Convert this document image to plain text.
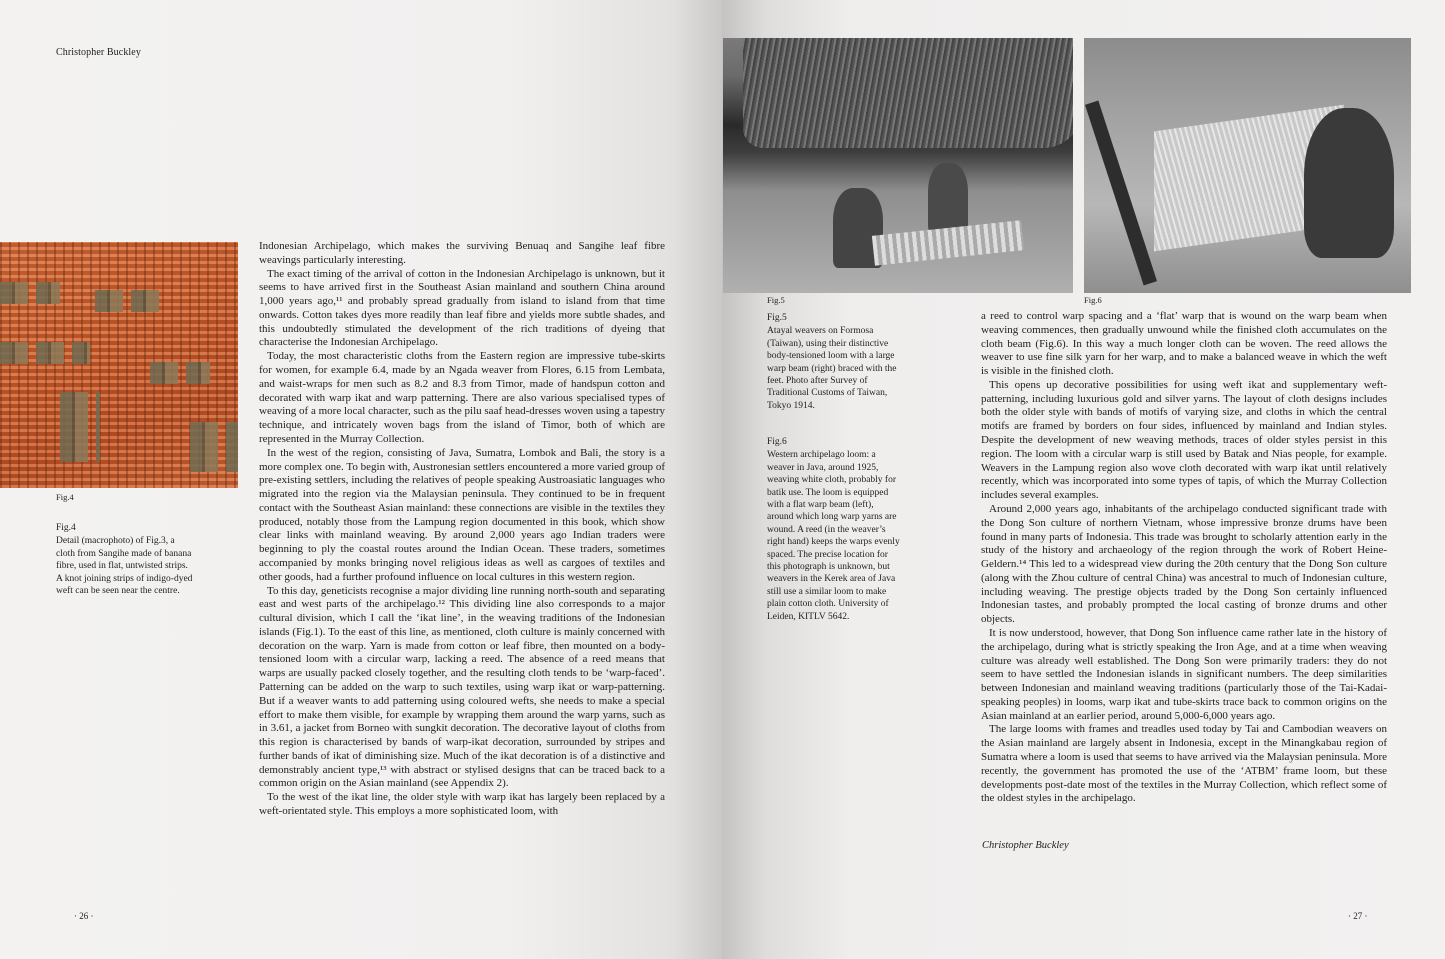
Christopher Buckley
Fig.4
Fig.4
Detail (macrophoto) of Fig.3, a cloth from Sangihe made of banana fibre, used in flat, untwisted strips. A knot joining strips of indigo-dyed weft can be seen near the centre.

Indonesian Archipelago, which makes the surviving Benuaq and Sangihe leaf fibre weavings particularly interesting.

The exact timing of the arrival of cotton in the Indonesian Archipelago is unknown, but it seems to have arrived first in the Southeast Asian mainland and southern China around 1,000 years ago,¹¹ and probably spread gradually from island to island from that time onwards. Cotton takes dyes more readily than leaf fibre and yields more subtle shades, and this undoubtedly stimulated the development of the rich traditions of dyeing that characterise the Indonesian Archipelago.

Today, the most characteristic cloths from the Eastern region are impressive tube-skirts for women, for example 6.4, made by an Ngada weaver from Flores, 6.15 from Lembata, and waist-wraps for men such as 8.2 and 8.3 from Timor, made of handspun cotton and decorated with warp ikat and warp patterning. There are also various specialised types of weaving of a more local character, such as the pilu saaf head-dresses woven using a tapestry technique, and intricately woven bags from the island of Timor, both of which are represented in the Murray Collection.

In the west of the region, consisting of Java, Sumatra, Lombok and Bali, the story is a more complex one. To begin with, Austronesian settlers encountered a more varied group of pre-existing settlers, including the relatives of people speaking Austroasiatic languages who migrated into the region via the Malaysian peninsula. They continued to be in frequent contact with the Southeast Asian mainland: these connections are visible in the textiles they produced, notably those from the Lampung region documented in this book, which show clear links with mainland weaving. By around 2,000 years ago Indian traders were beginning to ply the coastal routes around the Indian Ocean. These traders, sometimes accompanied by monks bringing novel religious ideas as well as cargoes of textiles and other goods, had a further profound influence on local cultures in this western region.

To this day, geneticists recognise a major dividing line running north-south and separating east and west parts of the archipelago.¹² This dividing line also corresponds to a major cultural division, which I call the ‘ikat line’, in the weaving traditions of the Indonesian islands (Fig.1). To the east of this line, as mentioned, cloth culture is mainly concerned with decoration on the warp. Yarn is made from cotton or leaf fibre, then mounted on a body-tensioned loom with a circular warp, lacking a reed. The absence of a reed means that warps are usually packed closely together, and the resulting cloth tends to be ‘warp-faced’. Patterning can be added on the warp to such textiles, using warp ikat or warp-patterning. But if a weaver wants to add patterning using coloured wefts, she needs to make a special effort to make them visible, for example by wrapping them around the warp yarns, such as in 3.61, a jacket from Borneo with sungkit decoration. The decorative layout of cloths from this region is characterised by bands of warp-ikat decoration, surrounded by stripes and further bands of ikat of diminishing size. Much of the ikat decoration is of a distinctive and demonstrably ancient type,¹³ with abstract or stylised designs that can be traced back to a common origin on the Asian mainland (see Appendix 2).

To the west of the ikat line, the older style with warp ikat has largely been replaced by a weft-orientated style. This employs a more sophisticated loom, with

· 26 ·
Fig.5	Fig.6
Fig.5
Atayal weavers on Formosa (Taiwan), using their distinctive body-tensioned loom with a large warp beam (right) braced with the feet. Photo after Survey of Traditional Customs of Taiwan, Tokyo 1914.
Fig.6
Western archipelago loom: a weaver in Java, around 1925, weaving white cloth, probably for batik use. The loom is equipped with a flat warp beam (left), around which long warp yarns are wound. A reed (in the weaver’s right hand) keeps the warps evenly spaced. The precise location for this photograph is unknown, but weavers in the Kerek area of Java still use a similar loom to make plain cotton cloth. University of Leiden, KITLV 5642.

a reed to control warp spacing and a ‘flat’ warp that is wound on the warp beam when weaving commences, then gradually unwound while the finished cloth accumulates on the cloth beam (Fig.6). In this way a much longer cloth can be woven. The reed allows the weaver to use fine silk yarn for her warp, and to make a balanced weave in which the weft is visible in the finished cloth.

This opens up decorative possibilities for using weft ikat and supplementary weft-patterning, including luxurious gold and silver yarns. The layout of cloth designs includes both the older style with bands of motifs of varying size, and cloths in which the central motifs are framed by borders on four sides, influenced by mainland and Indian styles. Despite the development of new weaving methods, traces of older styles persist in this region. The loom with a circular warp is still used by Batak and Nias people, for example. Weavers in the Lampung region also wove cloth decorated with warp ikat until relatively recently, which was incorporated into some types of tapis, of which the Murray Collection includes several examples.

Around 2,000 years ago, inhabitants of the archipelago conducted significant trade with the Dong Son culture of northern Vietnam, whose impressive bronze drums have been found in many parts of Indonesia. This trade was brought to scholarly attention early in the study of the history and archaeology of the region through the work of Robert Heine-Geldern.¹⁴ This led to a widespread view during the 20th century that the Dong Son culture (along with the Zhou culture of central China) was ancestral to much of Indonesian culture, including weaving. The prestige objects traded by the Dong Son certainly influenced Indonesian tastes, and probably prompted the local casting of bronze drums and other objects.

It is now understood, however, that Dong Son influence came rather late in the history of the archipelago, during what is strictly speaking the Iron Age, and at a time when weaving culture was already well established. The Dong Son were primarily traders: they do not seem to have settled the Indonesian islands in significant numbers. The deep similarities between Indonesian and mainland weaving traditions (particularly those of the Tai-Kadai-speaking peoples) in looms, warp ikat and tube-skirts trace back to common origins on the Asian mainland at an earlier period, around 5,000-6,000 years ago.

The large looms with frames and treadles used today by Tai and Cambodian weavers on the Asian mainland are largely absent in Indonesia, except in the Minangkabau region of Sumatra where a loom is used that seems to have arrived via the Malaysian peninsula. More recently, the government has promoted the use of the ‘ATBM’ frame loom, but these developments post-date most of the textiles in the Murray Collection, which reflect some of the oldest styles in the archipelago.

Christopher Buckley
· 27 ·
